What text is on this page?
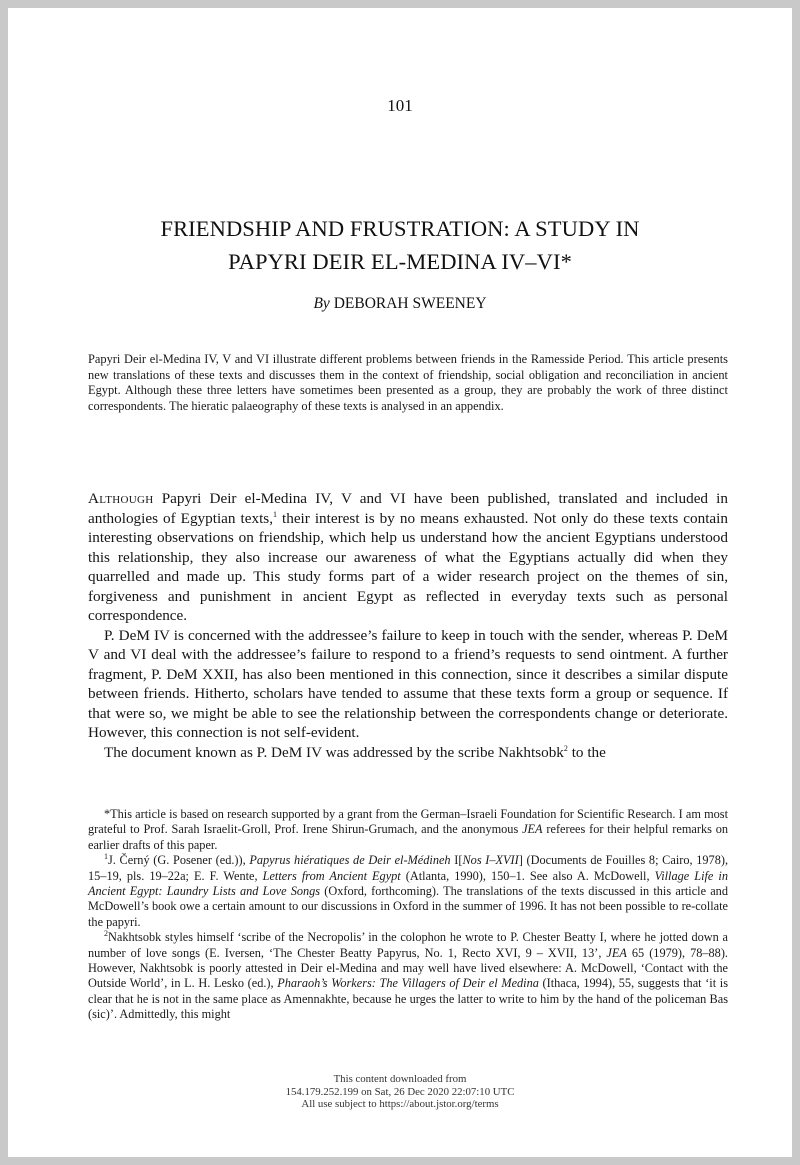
101
FRIENDSHIP AND FRUSTRATION: A STUDY IN
PAPYRI DEIR EL-MEDINA IV–VI*
By DEBORAH SWEENEY
Papyri Deir el-Medina IV, V and VI illustrate different problems between friends in the Ramesside Period. This article presents new translations of these texts and discusses them in the context of friendship, social obligation and reconciliation in ancient Egypt. Although these three letters have sometimes been presented as a group, they are probably the work of three distinct correspondents. The hieratic palaeography of these texts is analysed in an appendix.

Although Papyri Deir el-Medina IV, V and VI have been published, translated and included in anthologies of Egyptian texts,$^1$ their interest is by no means exhausted. Not only do these texts contain interesting observations on friendship, which help us understand how the ancient Egyptians understood this relationship, they also increase our awareness of what the Egyptians actually did when they quarrelled and made up. This study forms part of a wider research project on the themes of sin, forgiveness and punishment in ancient Egypt as reflected in everyday texts such as personal correspondence.

P. DeM IV is concerned with the addressee’s failure to keep in touch with the sender, whereas P. DeM V and VI deal with the addressee’s failure to respond to a friend’s requests to send ointment. A further fragment, P. DeM XXII, has also been mentioned in this connection, since it describes a similar dispute between friends. Hitherto, scholars have tended to assume that these texts form a group or sequence. If that were so, we might be able to see the relationship between the correspondents change or deteriorate. However, this connection is not self-evident.

The document known as P. DeM IV was addressed by the scribe Nakhtsobk$^2$ to the

*This article is based on research supported by a grant from the German–Israeli Foundation for Scientific Research. I am most grateful to Prof. Sarah Israelit-Groll, Prof. Irene Shirun-Grumach, and the anonymous JEA referees for their helpful remarks on earlier drafts of this paper.

$^1$J. Černý (G. Posener (ed.)), Papyrus hiératiques de Deir el-Médineh I[Nos I–XVII] (Documents de Fouilles 8; Cairo, 1978), 15–19, pls. 19–22a; E. F. Wente, Letters from Ancient Egypt (Atlanta, 1990), 150–1. See also A. McDowell, Village Life in Ancient Egypt: Laundry Lists and Love Songs (Oxford, forthcoming). The translations of the texts discussed in this article and McDowell’s book owe a certain amount to our discussions in Oxford in the summer of 1996. It has not been possible to re-collate the papyri.

$^2$Nakhtsobk styles himself ‘scribe of the Necropolis’ in the colophon he wrote to P. Chester Beatty I, where he jotted down a number of love songs (E. Iversen, ‘The Chester Beatty Papyrus, No. 1, Recto XVI, 9 – XVII, 13’, JEA 65 (1979), 78–88). However, Nakhtsobk is poorly attested in Deir el-Medina and may well have lived elsewhere: A. McDowell, ‘Contact with the Outside World’, in L. H. Lesko (ed.), Pharaoh’s Workers: The Villagers of Deir el Medina (Ithaca, 1994), 55, suggests that ‘it is clear that he is not in the same place as Amennakhte, because he urges the latter to write to him by the hand of the policeman Bas (sic)’. Admittedly, this might

This content downloaded from
154.179.252.199 on Sat, 26 Dec 2020 22:07:10 UTC
All use subject to https://about.jstor.org/terms
